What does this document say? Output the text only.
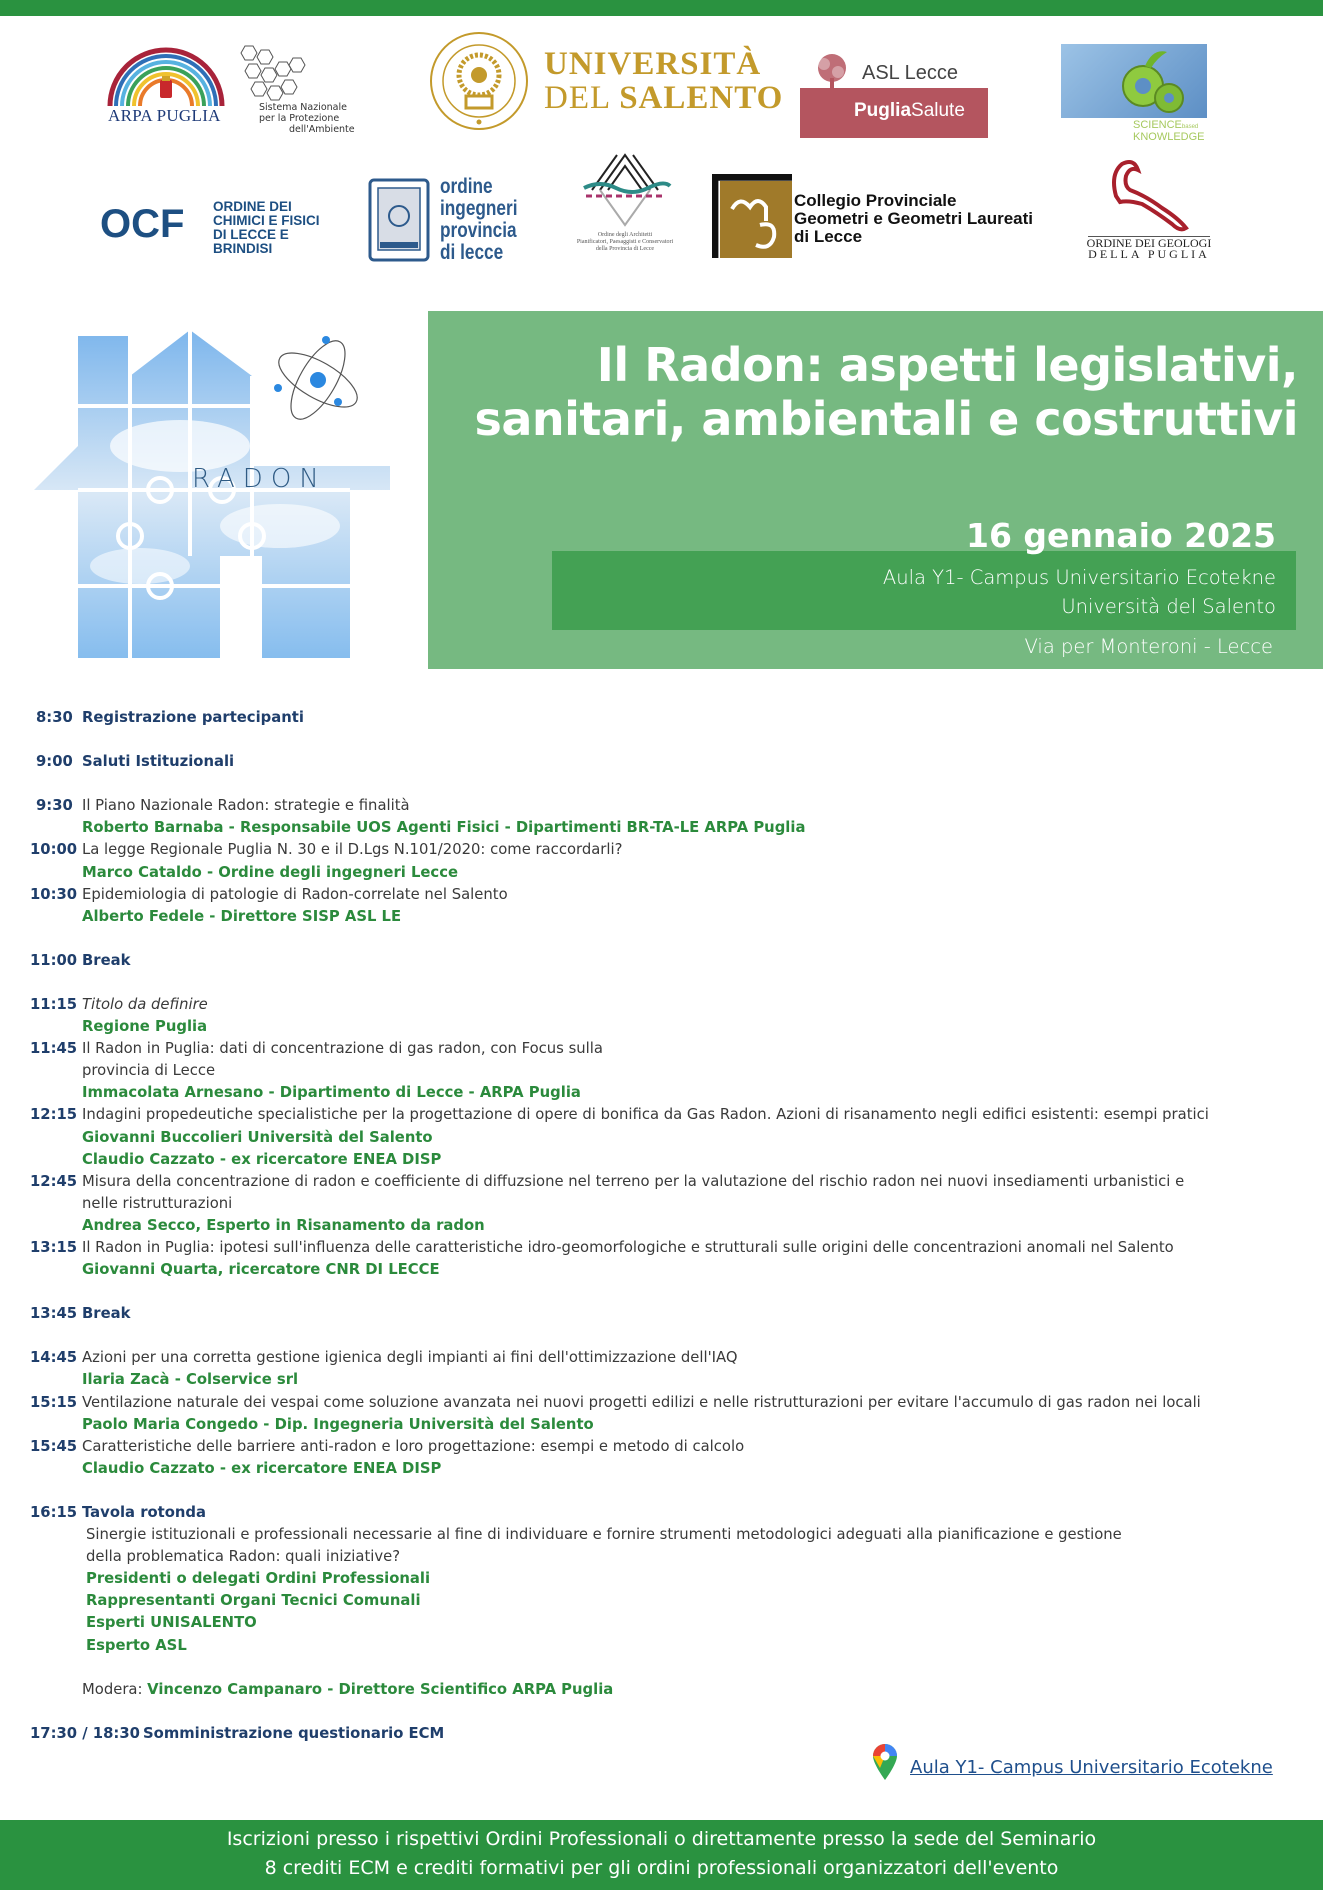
ARPA PUGLIA	Sistema Nazionale
per la Protezione
dell'Ambiente
UNIVERSITÀ
DEL SALENTO
ASL Lecce
PugliaSalute
SCIENCEbased
KNOWLEDGE
OCF ORDINE DEI
CHIMICI E FISICI
DI LECCE E
BRINDISI
ordine
ingegneri
provincia
di lecce
Ordine degli Architetti
Pianificatori, Paesaggisti e Conservatori
della Provincia di Lecce
Collegio Provinciale
Geometri e Geometri Laureati
di Lecce	ORDINE DEI GEOLOGI
DELLA PUGLIA
RADON
Il Radon: aspetti legislativi,
sanitari, ambientali e costruttivi
16 gennaio 2025
Aula Y1- Campus Universitario Ecotekne
Università del Salento
Via per Monteroni - Lecce
8:30 Registrazione partecipanti
9:00 Saluti Istituzionali
9:30 Il Piano Nazionale Radon: strategie e finalità
Roberto Barnaba - Responsabile UOS Agenti Fisici - Dipartimenti BR-TA-LE ARPA Puglia
10:00 La legge Regionale Puglia N. 30 e il D.Lgs N.101/2020: come raccordarli?
Marco Cataldo - Ordine degli ingegneri Lecce
10:30 Epidemiologia di patologie di Radon-correlate nel Salento
Alberto Fedele - Direttore SISP ASL LE
11:00 Break
11:15 Titolo da definire
Regione Puglia
11:45 Il Radon in Puglia: dati di concentrazione di gas radon, con Focus sulla
provincia di Lecce
Immacolata Arnesano - Dipartimento di Lecce - ARPA Puglia
12:15 Indagini propedeutiche specialistiche per la progettazione di opere di bonifica da Gas Radon. Azioni di risanamento negli edifici esistenti: esempi pratici
Giovanni Buccolieri Università del Salento
Claudio Cazzato - ex ricercatore ENEA DISP
12:45 Misura della concentrazione di radon e coefficiente di diffuzsione nel terreno per la valutazione del rischio radon nei nuovi insediamenti urbanistici e
nelle ristrutturazioni
Andrea Secco, Esperto in Risanamento da radon
13:15 Il Radon in Puglia: ipotesi sull'influenza delle caratteristiche idro-geomorfologiche e strutturali sulle origini delle concentrazioni anomali nel Salento
Giovanni Quarta, ricercatore CNR DI LECCE
13:45 Break
14:45 Azioni per una corretta gestione igienica degli impianti ai fini dell'ottimizzazione dell'IAQ
Ilaria Zacà - Colservice srl
15:15 Ventilazione naturale dei vespai come soluzione avanzata nei nuovi progetti edilizi e nelle ristrutturazioni per evitare l'accumulo di gas radon nei locali
Paolo Maria Congedo - Dip. Ingegneria Università del Salento
15:45 Caratteristiche delle barriere anti-radon e loro progettazione: esempi e metodo di calcolo
Claudio Cazzato - ex ricercatore ENEA DISP
16:15 Tavola rotonda
Sinergie istituzionali e professionali necessarie al fine di individuare e fornire strumenti metodologici adeguati alla pianificazione e gestione
della problematica Radon: quali iniziative?
Presidenti o delegati Ordini Professionali
Rappresentanti Organi Tecnici Comunali
Esperti UNISALENTO
Esperto ASL
Modera: Vincenzo Campanaro - Direttore Scientifico ARPA Puglia
17:30 / 18:30 Somministrazione questionario ECM
Aula Y1- Campus Universitario Ecotekne
Iscrizioni presso i rispettivi Ordini Professionali o direttamente presso la sede del Seminario
8 crediti ECM e crediti formativi per gli ordini professionali organizzatori dell'evento
